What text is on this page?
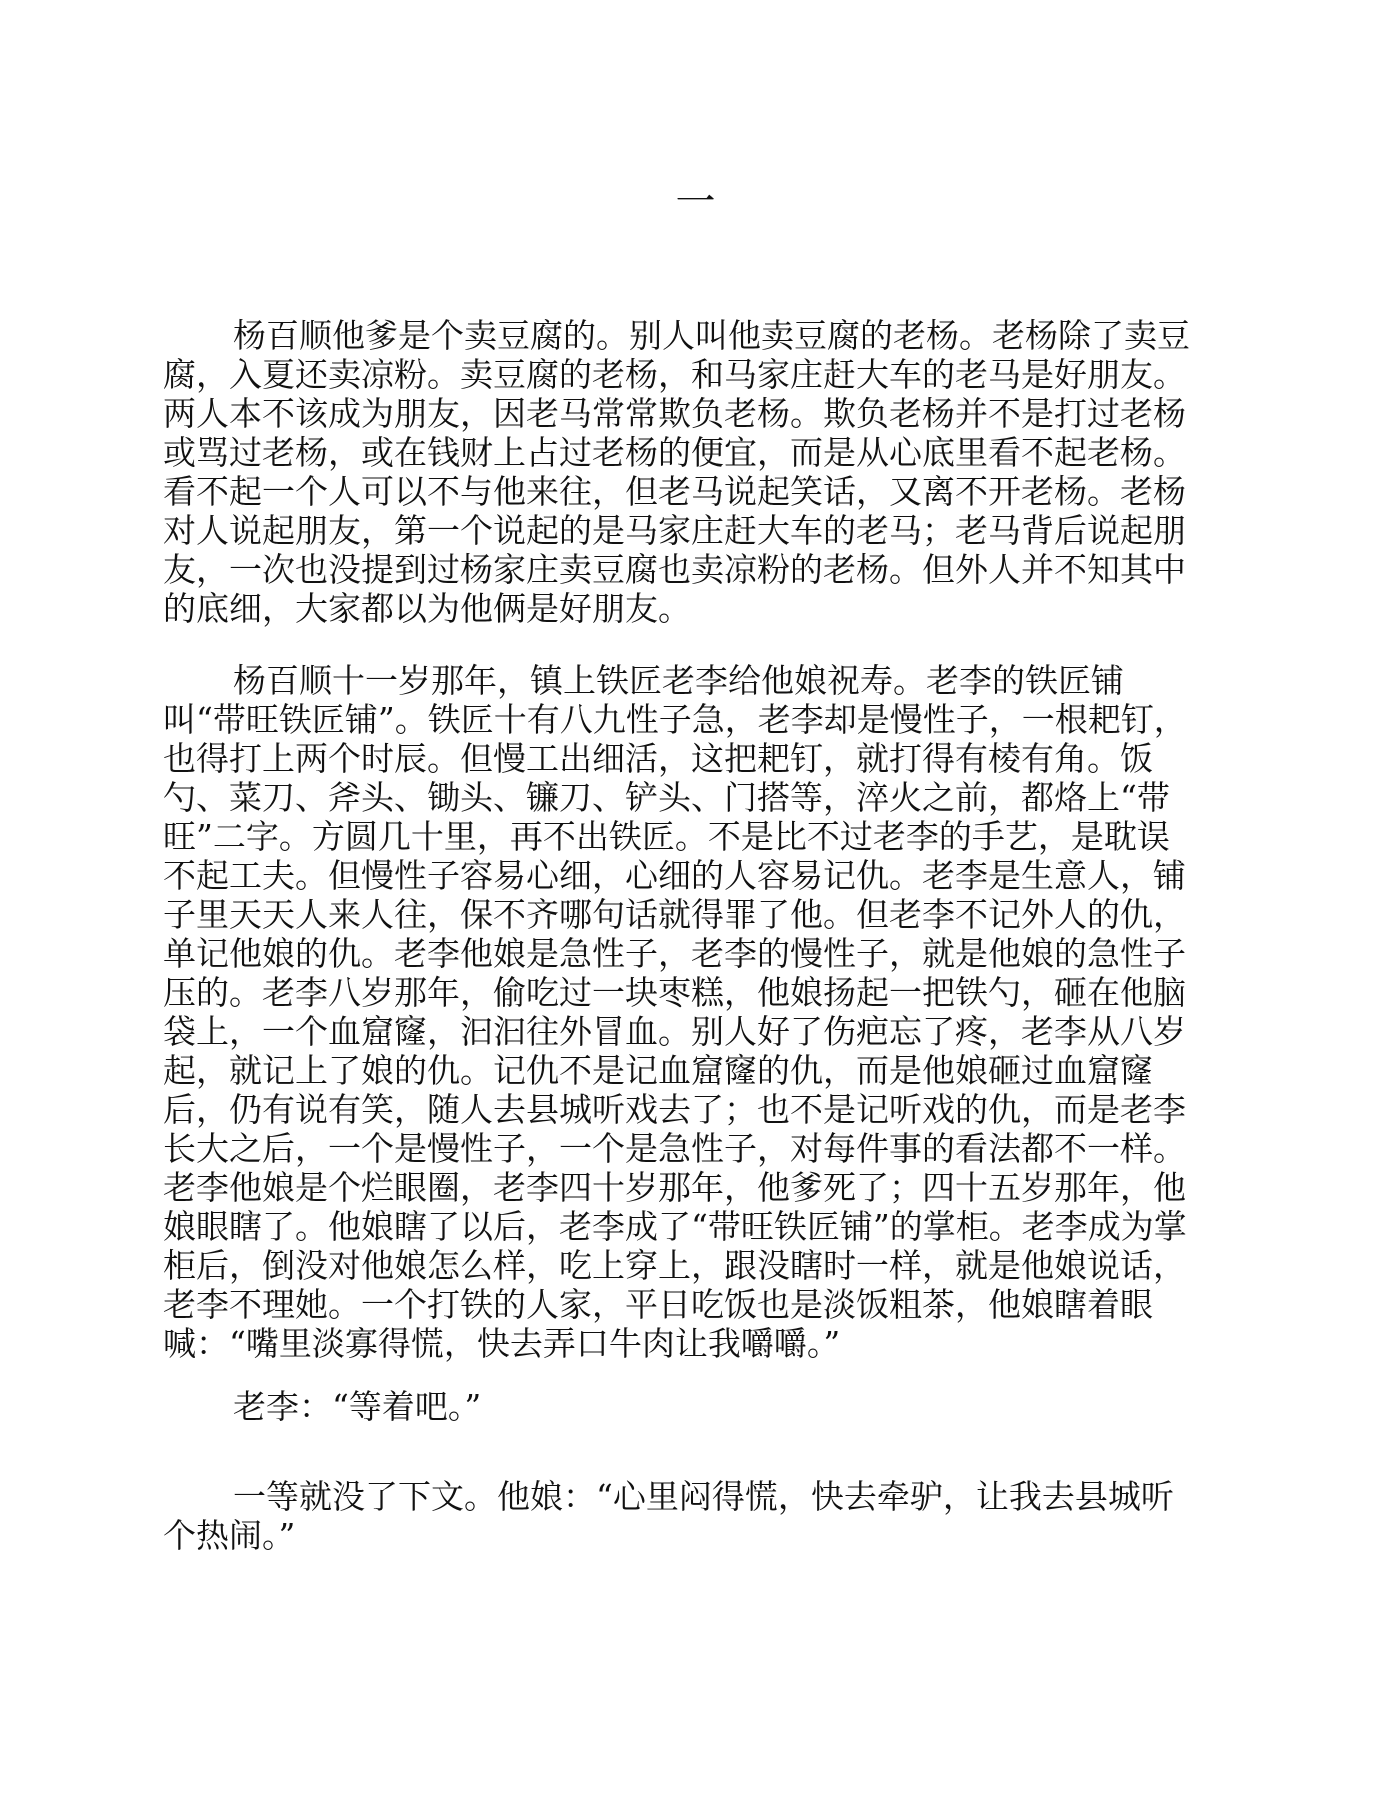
一
杨百顺他爹是个卖豆腐的。别人叫他卖豆腐的老杨。老杨除了卖豆
腐，入夏还卖凉粉。卖豆腐的老杨，和马家庄赶大车的老马是好朋友。
两人本不该成为朋友，因老马常常欺负老杨。欺负老杨并不是打过老杨
或骂过老杨，或在钱财上占过老杨的便宜，而是从心底里看不起老杨。
看不起一个人可以不与他来往，但老马说起笑话，又离不开老杨。老杨
对人说起朋友，第一个说起的是马家庄赶大车的老马；老马背后说起朋
友，一次也没提到过杨家庄卖豆腐也卖凉粉的老杨。但外人并不知其中
的底细，大家都以为他俩是好朋友。
杨百顺十一岁那年，镇上铁匠老李给他娘祝寿。老李的铁匠铺
叫“带旺铁匠铺”。铁匠十有八九性子急，老李却是慢性子，一根耙钉，
也得打上两个时辰。但慢工出细活，这把耙钉，就打得有棱有角。饭
勺、菜刀、斧头、锄头、镰刀、铲头、门搭等，淬火之前，都烙上“带
旺”二字。方圆几十里，再不出铁匠。不是比不过老李的手艺，是耽误
不起工夫。但慢性子容易心细，心细的人容易记仇。老李是生意人，铺
子里天天人来人往，保不齐哪句话就得罪了他。但老李不记外人的仇，
单记他娘的仇。老李他娘是急性子，老李的慢性子，就是他娘的急性子
压的。老李八岁那年，偷吃过一块枣糕，他娘扬起一把铁勺，砸在他脑
袋上，一个血窟窿，汩汩往外冒血。别人好了伤疤忘了疼，老李从八岁
起，就记上了娘的仇。记仇不是记血窟窿的仇，而是他娘砸过血窟窿
后，仍有说有笑，随人去县城听戏去了；也不是记听戏的仇，而是老李
长大之后，一个是慢性子，一个是急性子，对每件事的看法都不一样。
老李他娘是个烂眼圈，老李四十岁那年，他爹死了；四十五岁那年，他
娘眼瞎了。他娘瞎了以后，老李成了“带旺铁匠铺”的掌柜。老李成为掌
柜后，倒没对他娘怎么样，吃上穿上，跟没瞎时一样，就是他娘说话，
老李不理她。一个打铁的人家，平日吃饭也是淡饭粗茶，他娘瞎着眼
喊：“嘴里淡寡得慌，快去弄口牛肉让我嚼嚼。”
老李：“等着吧。”
一等就没了下文。他娘：“心里闷得慌，快去牵驴，让我去县城听
个热闹。”
